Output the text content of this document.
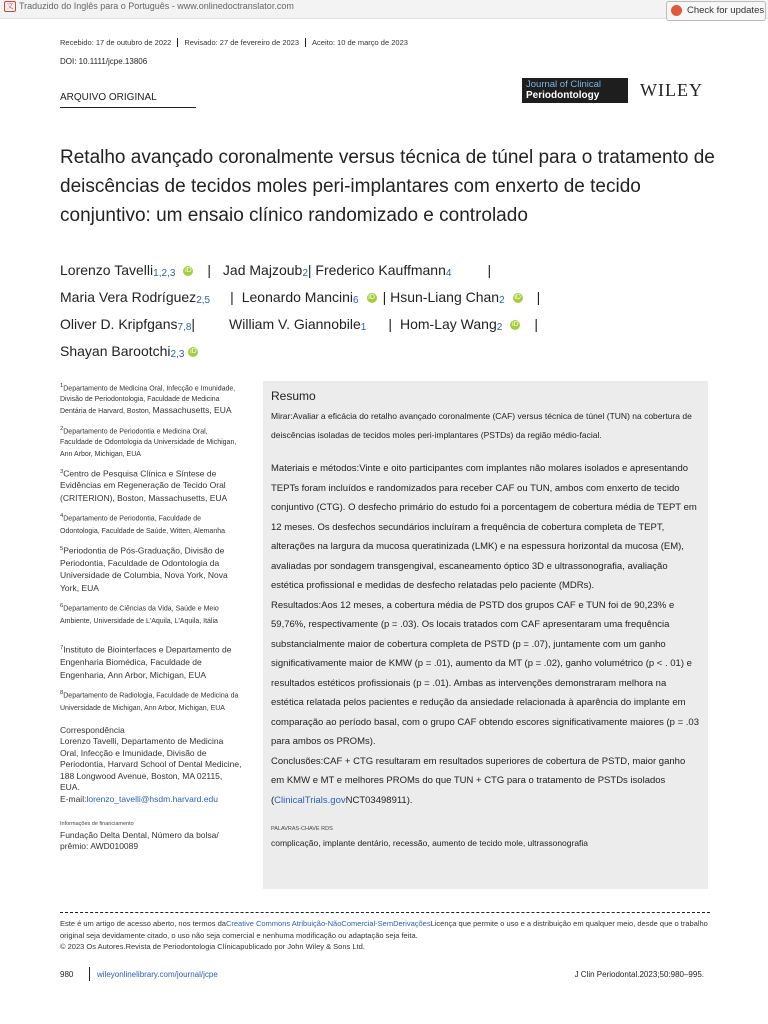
文 Traduzido do Inglês para o Português - www.onlinedoctranslator.com	Check for updates
Recebido: 17 de outubro de 2022 Revisado: 27 de fevereiro de 2023 Aceito: 10 de março de 2023
DOI: 10.1111/jcpe.13806
ARQUIVO ORIGINAL
Journal of Clinical
Periodontology	WILEY
Retalho avançado coronalmente versus técnica de túnel para o tratamento de deiscências de tecidos moles peri-implantares com enxerto de tecido conjuntivo: um ensaio clínico randomizado e controlado
Lorenzo Tavelli$^{1,2,3}$ iD | Jad Majzoub$^2$| Frederico Kauffmann$^4$	|
Maria Vera Rodríguez$^{2,5}$ | Leonardo Mancini$^6$ iD | Hsun-Liang Chan$^2$ iD |
Oliver D. Kripfgans$^{7,8}$| William V. Giannobile$^1$ | Hom-Lay Wang$^2$ iD |
Shayan Barootchi$^{2,3}$ iD
$^1$Departamento de Medicina Oral, Infecção e Imunidade, Divisão de Periodontologia, Faculdade de Medicina Dentária de Harvard, Boston, Massachusetts, EUA
$^2$Departamento de Periodontia e Medicina Oral, Faculdade de Odontologia da Universidade de Michigan, Ann Arbor, Michigan, EUA
$^3$Centro de Pesquisa Clínica e Síntese de Evidências em Regeneração de Tecido Oral (CRITERION), Boston, Massachusetts, EUA
$^4$Departamento de Periodontia, Faculdade de Odontologia, Faculdade de Saúde, Witten, Alemanha
$^5$Periodontia de Pós-Graduação, Divisão de Periodontia, Faculdade de Odontologia da Universidade de Columbia, Nova York, Nova York, EUA
$^6$Departamento de Ciências da Vida, Saúde e Meio Ambiente, Universidade de L'Aquila, L'Aquila, Itália
$^7$Instituto de Biointerfaces e Departamento de Engenharia Biomédica, Faculdade de Engenharia, Ann Arbor, Michigan, EUA
$^8$Departamento de Radiologia, Faculdade de Medicina da Universidade de Michigan, Ann Arbor, Michigan, EUA
Correspondência
Lorenzo Tavelli, Departamento de Medicina Oral, Infecção e Imunidade, Divisão de Periodontia, Harvard School of Dental Medicine, 188 Longwood Avenue, Boston, MA 02115, EUA.
E-mail:lorenzo_tavelli@hsdm.harvard.edu
Informações de financiamento
Fundação Delta Dental, Número da bolsa/ prêmio: AWD010089
Resumo

Mirar:Avaliar a eficácia do retalho avançado coronalmente (CAF) versus técnica de túnel (TUN) na cobertura de deiscências isoladas de tecidos moles peri-implantares (PSTDs) da região médio-facial.

Materiais e métodos:Vinte e oito participantes com implantes não molares isolados e apresentando TEPTs foram incluídos e randomizados para receber CAF ou TUN, ambos com enxerto de tecido conjuntivo (CTG). O desfecho primário do estudo foi a porcentagem de cobertura média de TEPT em 12 meses. Os desfechos secundários incluíram a frequência de cobertura completa de TEPT, alterações na largura da mucosa queratinizada (LMK) e na espessura horizontal da mucosa (EM), avaliadas por sondagem transgengival, escaneamento óptico 3D e ultrassonografia, avaliação estética profissional e medidas de desfecho relatadas pelo paciente (MDRs).

Resultados:Aos 12 meses, a cobertura média de PSTD dos grupos CAF e TUN foi de 90,23% e 59,76%, respectivamente (p = .03). Os locais tratados com CAF apresentaram uma frequência substancialmente maior de cobertura completa de PSTD (p = .07), juntamente com um ganho significativamente maior de KMW (p = .01), aumento da MT (p = .02), ganho volumétrico (p < . 01) e resultados estéticos profissionais (p = .01). Ambas as intervenções demonstraram melhora na estética relatada pelos pacientes e redução da ansiedade relacionada à aparência do implante em comparação ao período basal, com o grupo CAF obtendo escores significativamente maiores (p = .03 para ambos os PROMs).

Conclusões:CAF + CTG resultaram em resultados superiores de cobertura de PSTD, maior ganho em KMW e MT e melhores PROMs do que TUN + CTG para o tratamento de PSTDs isolados (ClinicalTrials.govNCT03498911).

PALAVRAS-CHAVE RDS
complicação, implante dentário, recessão, aumento de tecido mole, ultrassonografia
Este é um artigo de acesso aberto, nos termos daCreative Commons Atribuição-NãoComercial-SemDerivaçõesLicença que permite o uso e a distribuição em qualquer meio, desde que o trabalho original seja devidamente citado, o uso não seja comercial e nenhuma modificação ou adaptação seja feita.
© 2023 Os Autores.Revista de Periodontologia Clínicapublicado por John Wiley & Sons Ltd.
980	wileyonlinelibrary.com/journal/jcpe	J Clin Periodontal.2023;50:980–995.
